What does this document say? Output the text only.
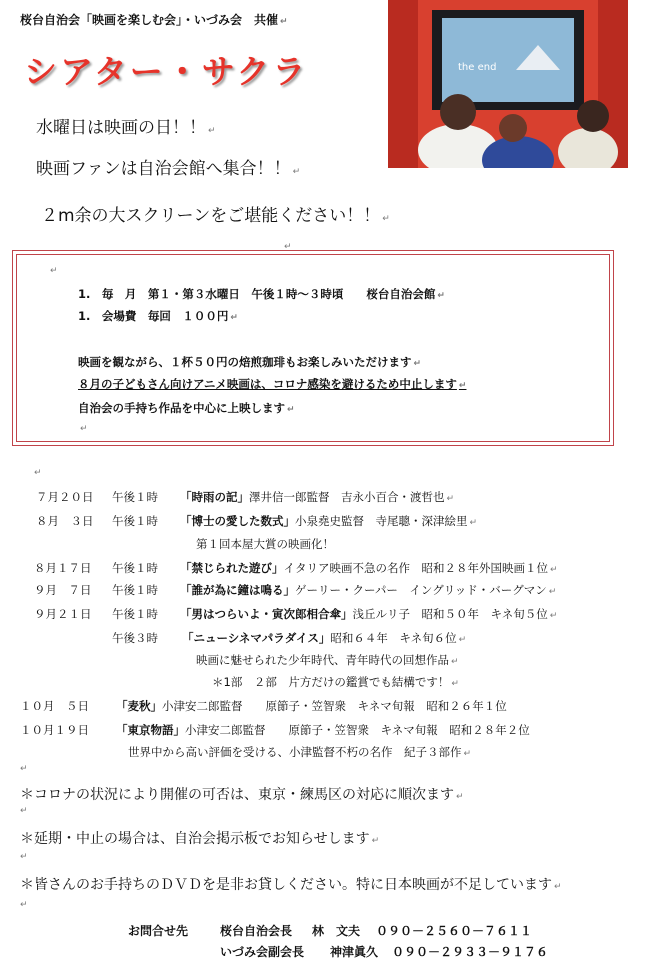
桜台自治会「映画を楽しむ会」・いづみ会　共催 ↵
シアター・サクラ
水曜日は映画の日！！ ↵
映画ファンは自治会館へ集合！！ ↵
２m余の大スクリーンをご堪能ください！！ ↵
the end
↵
↵
1.　毎　月　第１・第３水曜日　午後１時～３時頃　　桜台自治会館 ↵
1.　会場費　毎回　１００円 ↵
映画を観ながら、１杯５０円の焙煎珈琲もお楽しみいただけます ↵
８月の子どもさん向けアニメ映画は、コロナ感染を避けるため中止します ↵
自治会の手持ち作品を中心に上映します ↵
↵
↵
７月２０日 午後１時 「時雨の記」澤井信一郎監督　吉永小百合・渡哲也 ↵
８月　３日 午後１時 「博士の愛した数式」小泉堯史監督　寺尾聰・深津絵里 ↵
第１回本屋大賞の映画化！
８月１７日 午後１時 「禁じられた遊び」イタリア映画不急の名作　昭和２８年外国映画１位 ↵
９月　７日 午後１時 「誰が為に鐘は鳴る」ゲーリー・クーパー　イングリッド・バーグマン ↵
９月２１日 午後１時 「男はつらいよ・寅次郎相合傘」浅丘ルリ子　昭和５０年　キネ旬５位 ↵
午後３時 「ニューシネマパラダイス」昭和６４年　キネ旬６位 ↵
映画に魅せられた少年時代、青年時代の回想作品 ↵
＊1部　２部　片方だけの鑑賞でも結構です！ ↵
１０月　５日 「麦秋」小津安二郎監督　　原節子・笠智衆　キネマ旬報　昭和２６年１位
１０月１９日 「東京物語」小津安二郎監督　　原節子・笠智衆　キネマ旬報　昭和２８年２位
世界中から高い評価を受ける、小津監督不朽の名作　紀子３部作 ↵
↵
＊コロナの状況により開催の可否は、東京・練馬区の対応に順次ます ↵
↵
＊延期・中止の場合は、自治会掲示板でお知らせします ↵
↵
＊皆さんのお手持ちのＤＶＤを是非お貸しください。特に日本映画が不足しています ↵
↵
お問合せ先	桜台自治会長 林　文夫 ０９０－２５６０－７６１１
いづみ会副会長 神津眞久 ０９０－２９３３－９１７６
